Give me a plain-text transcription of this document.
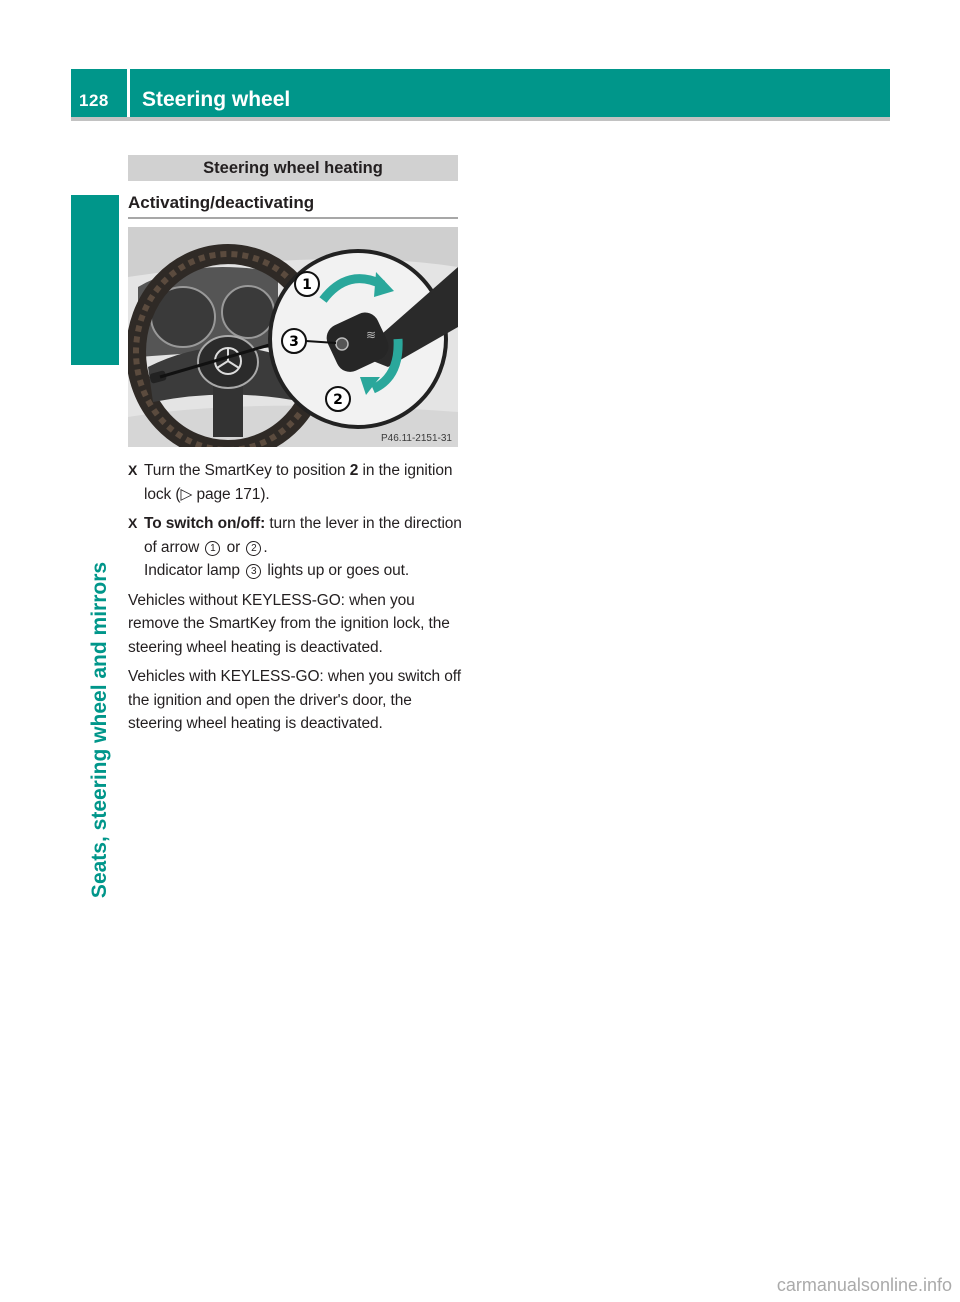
128 Steering wheel
Seats, steering wheel and mirrors
Steering wheel heating
Activating/deactivating
≋
1
3
2
P46.11-2151-31

X Turn the SmartKey to position 2 in the ignition lock (▷ page 171).

X To switch on/off: turn the lever in the direction of arrow 1 or 2 .
Indicator lamp 3 lights up or goes out.

Vehicles without KEYLESS-GO: when you remove the SmartKey from the ignition lock, the steering wheel heating is deactivated.

Vehicles with KEYLESS-GO: when you switch off the ignition and open the driver's door, the steering wheel heating is deactivated.

carmanualsonline.info
